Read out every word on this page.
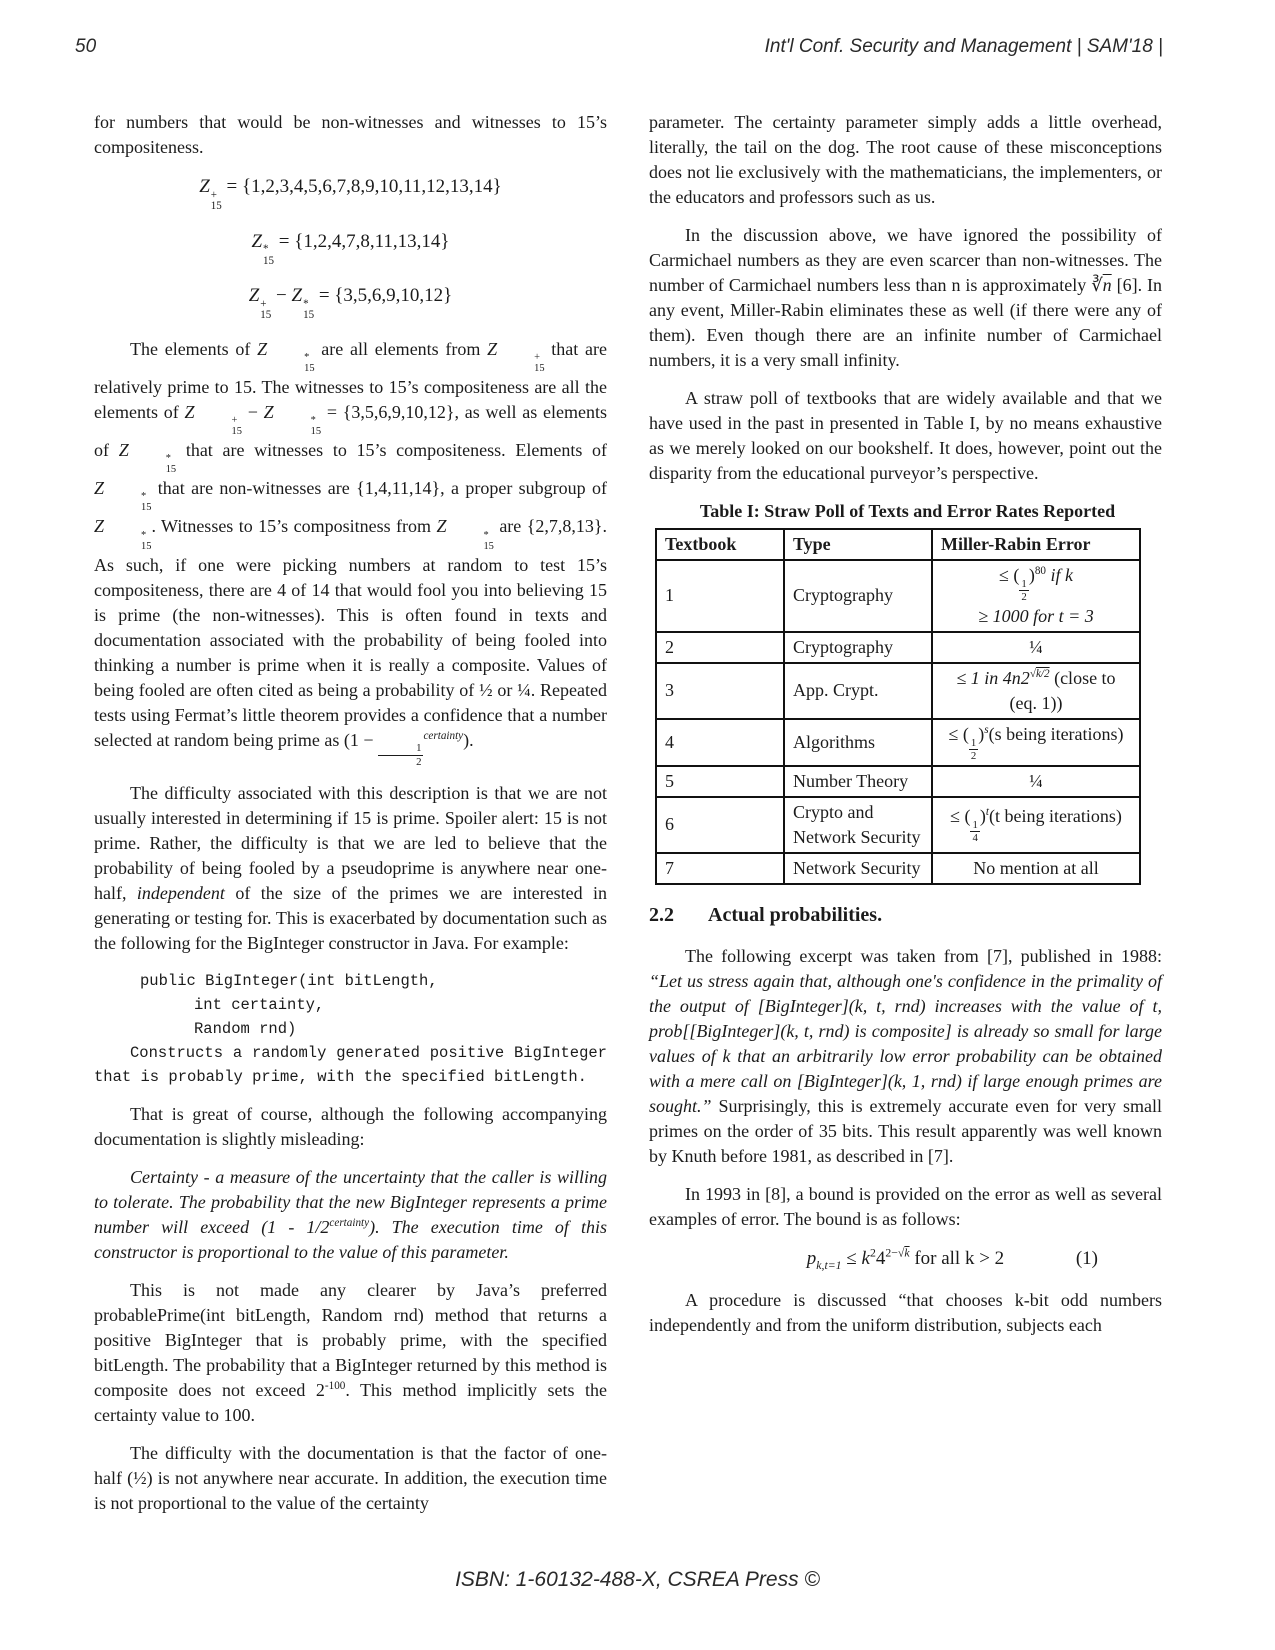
50	Int'l Conf. Security and Management | SAM'18 |

for numbers that would be non-witnesses and witnesses to 15’s compositeness.

Z +
15
= {1,2,3,4,5,6,7,8,9,10,11,12,13,14}
Z *
15
= {1,2,4,7,8,11,13,14}
Z +
15
− Z *
15
= {3,5,6,9,10,12}

The elements of Z	*
15
are all elements from Z	+
15
that are relatively prime to 15. The witnesses to 15’s compositeness are all the elements of Z	+
15
− Z	*
15
= {3,5,6,9,10,12}, as well as elements of Z	*
15
that are witnesses to 15’s compositeness. Elements of Z	*
15
that are non-witnesses are {1,4,11,14}, a proper subgroup of Z	*
15
. Witnesses to 15’s compositness from Z	*
15
are {2,7,8,13}. As such, if one were picking numbers at random to test 15’s compositeness, there are 4 of 14 that would fool you into believing 15 is prime (the non-witnesses). This is often found in texts and documentation associated with the probability of being fooled into thinking a number is prime when it is really a composite. Values of being fooled are often cited as being a probability of ½ or ¼. Repeated tests using Fermat’s little theorem provides a confidence that a number selected at random being prime as (1 −
$\frac{1}{2}$
$^{certainty}$).

The difficulty associated with this description is that we are not usually interested in determining if 15 is prime. Spoiler alert: 15 is not prime. Rather, the difficulty is that we are led to believe that the probability of being fooled by a pseudoprime is anywhere near one-half, independent of the size of the primes we are interested in generating or testing for. This is exacerbated by documentation such as the following for the BigInteger constructor in Java. For example:

public BigInteger(int bitLength,
int certainty,
Random rnd)

Constructs a randomly generated positive BigInteger that is probably prime, with the specified bitLength.

That is great of course, although the following accompanying documentation is slightly misleading:

Certainty - a measure of the uncertainty that the caller is willing to tolerate. The probability that the new BigInteger represents a prime number will exceed $(1 - 1/2^{certainty})$. The execution time of this constructor is proportional to the value of this parameter.

This is not made any clearer by Java’s preferred probablePrime(int bitLength, Random rnd) method that returns a positive BigInteger that is probably prime, with the specified bitLength. The probability that a BigInteger returned by this method is composite does not exceed $2^{-100}$. This method implicitly sets the certainty value to 100.

The difficulty with the documentation is that the factor of one-half (½) is not anywhere near accurate. In addition, the execution time is not proportional to the value of the certainty

parameter. The certainty parameter simply adds a little overhead, literally, the tail on the dog. The root cause of these misconceptions does not lie exclusively with the mathematicians, the implementers, or the educators and professors such as us.

In the discussion above, we have ignored the possibility of Carmichael numbers as they are even scarcer than non-witnesses. The number of Carmichael numbers less than n is approximately $∛\overline{n}$ [6]. In any event, Miller-Rabin eliminates these as well (if there were any of them). Even though there are an infinite number of Carmichael numbers, it is a very small infinity.

A straw poll of textbooks that are widely available and that we have used in the past in presented in Table I, by no means exhaustive as we merely looked on our bookshelf. It does, however, point out the disparity from the educational purveyor’s perspective.

Table I: Straw Poll of Texts and Error Rates Reported
Textbook	Type	Miller-Rabin Error
1	Cryptography	≤ (
$\frac{1}{2}$
)$^{80}$ if k
≥ 1000 for t = 3
2	Cryptography	¼
3	App. Crypt.	≤ 1 in $4n2^{√k/2}$ (close to
(eq. 1))
4	Algorithms	≤ (
$\frac{1}{2}$
)$^s$(s being iterations)
5	Number Theory	¼
6	Crypto and Network Security	≤ (
$\frac{1}{4}$
)$^t$(t being iterations)
7	Network Security	No mention at all
2.2 Actual probabilities.

The following excerpt was taken from [7], published in 1988: “Let us stress again that, although one's confidence in the primality of the output of [BigInteger](k, t, rnd) increases with the value of t, prob[[BigInteger](k, t, rnd) is composite] is already so small for large values of k that an arbitrarily low error probability can be obtained with a mere call on [BigInteger](k, 1, rnd) if large enough primes are sought.” Surprisingly, this is extremely accurate even for very small primes on the order of 35 bits. This result apparently was well known by Knuth before 1981, as described in [7].

In 1993 in [8], a bound is provided on the error as well as several examples of error. The bound is as follows:

$p_{k,t=1} \le k^24^{2-√k}$ for all k > 2	(1)

A procedure is discussed “that chooses k-bit odd numbers independently and from the uniform distribution, subjects each

ISBN: 1-60132-488-X, CSREA Press ©
